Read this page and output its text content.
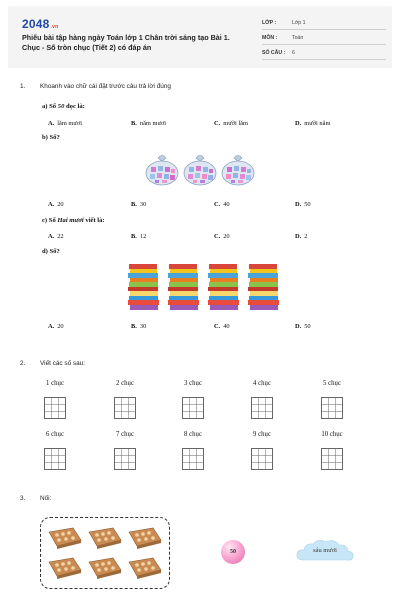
2048.vn
Phiếu bài tập hàng ngày Toán lớp 1 Chân trời sáng tạo Bài 1. Chục - Số tròn chục (Tiết 2) có đáp án
LỚP :	Lớp 1
MÔN :	Toán
SỐ CÂU : 6
1. Khoanh vào chữ cái đặt trước câu trả lời đúng
a) Số 50 đọc là:
A. lăm mươi	B. năm mươi	C. mười lăm	D. mười năm
b) Số?
A. 20	B. 30	C. 40	D. 50
c) Số Hai mươi viết là:
A. 22	B. 12	C. 20	D. 2
d) Số?
A. 20	B. 30	C. 40	D. 50
2. Viết các số sau:
1 chục	2 chục	3 chục	4 chục	5 chục
6 chục	7 chục	8 chục	9 chục	10 chục
3. Nối:
50	sáu mươi
